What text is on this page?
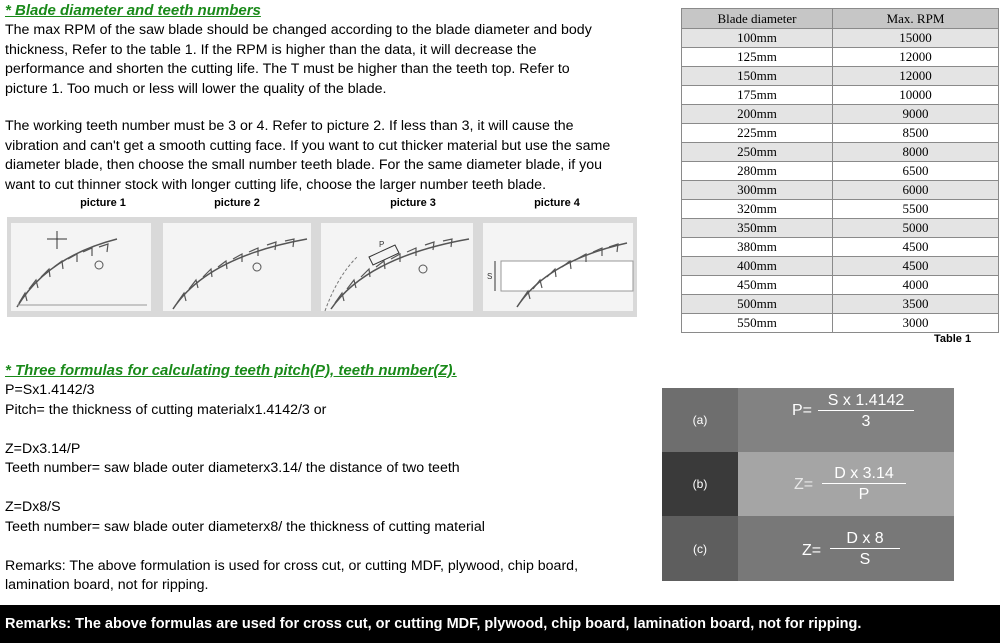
* Blade diameter and teeth numbers

The max RPM of the saw blade should be changed according to the blade diameter and body

thickness, Refer to the table 1. If the RPM is higher than the data, it will decrease the

performance and shorten the cutting life. The T must be higher than the teeth top. Refer to

picture 1. Too much or less will lower the quality of the blade.

The working teeth number must be 3 or 4. Refer to picture 2. If less than 3, it will cause the

vibration and can't get a smooth cutting face. If you want to cut thicker material but use the same

diameter blade, then choose the small number teeth blade. For the same diameter blade, if you

want to cut thinner stock with longer cutting life, choose the larger number teeth blade.

picture 1	picture 2	picture 3	picture 4
P
S
Blade diameter	Max. RPM
100mm	15000
125mm	12000
150mm	12000
175mm	10000
200mm	9000
225mm	8500
250mm	8000
280mm	6500
300mm	6000
320mm	5500
350mm	5000
380mm	4500
400mm	4500
450mm	4000
500mm	3500
550mm	3000
Table 1
* Three formulas for calculating teeth pitch(P), teeth number(Z).

P=Sx1.4142/3

Pitch= the thickness of cutting materialx1.4142/3 or

Z=Dx3.14/P

Teeth number= saw blade outer diameterx3.14/ the distance of two teeth

Z=Dx8/S

Teeth number= saw blade outer diameterx8/ the thickness of cutting material

Remarks: The above formulation is used for cross cut, or cutting MDF, plywood, chip board,

lamination board, not for ripping.

(a)
P=
S x 1.4142
3
(b)	Z=
D x 3.14
P
(c)	Z=
D x 8
S
Remarks: The above formulas are used for cross cut, or cutting MDF, plywood, chip board, lamination board, not for ripping.
